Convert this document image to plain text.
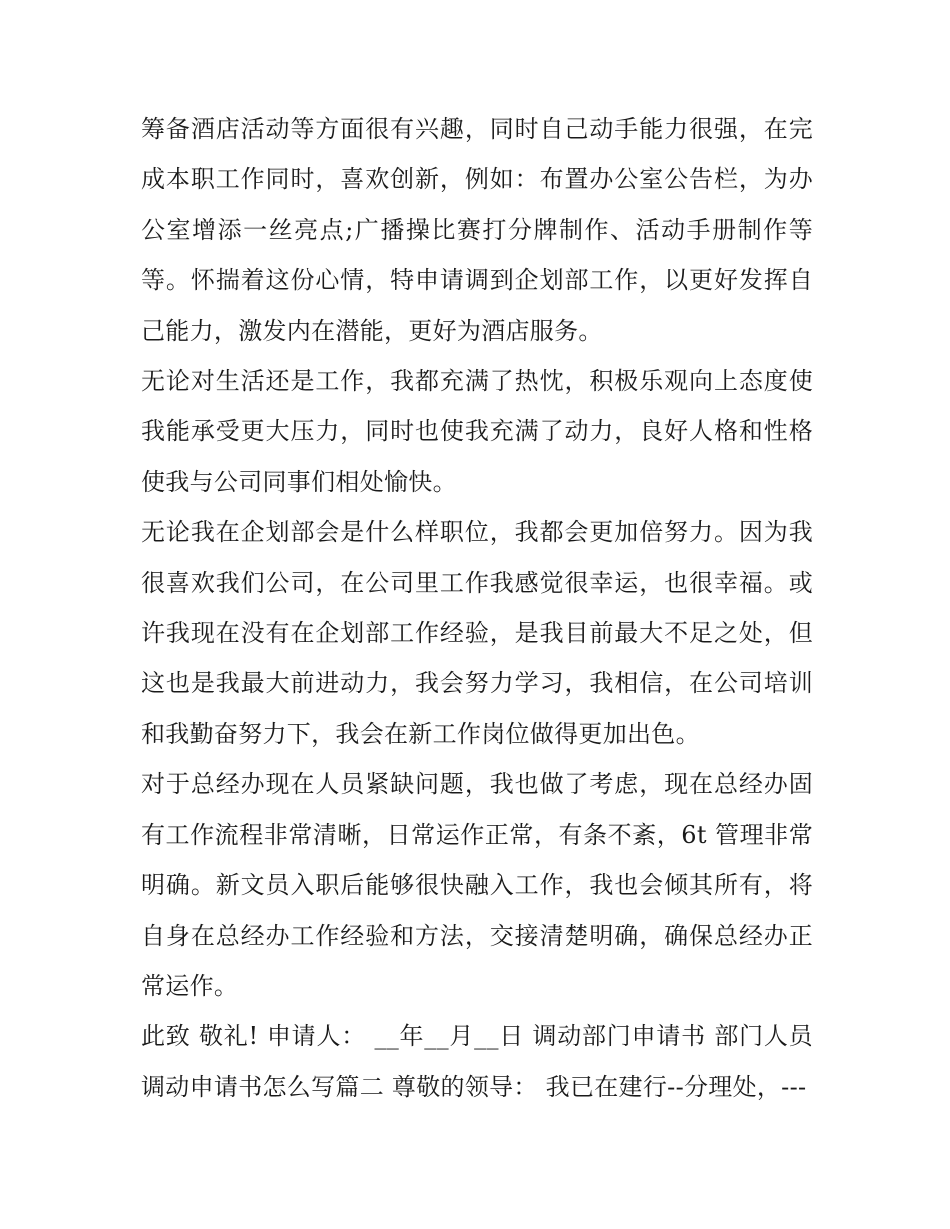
筹备酒店活动等方面很有兴趣，同时自己动手能力很强，在完成本职工作同时，喜欢创新，例如：布置办公室公告栏，为办公室增添一丝亮点;广播操比赛打分牌制作、活动手册制作等等。怀揣着这份心情，特申请调到企划部工作，以更好发挥自己能力，激发内在潜能，更好为酒店服务。

无论对生活还是工作，我都充满了热忱，积极乐观向上态度使我能承受更大压力，同时也使我充满了动力，良好人格和性格使我与公司同事们相处愉快。

无论我在企划部会是什么样职位，我都会更加倍努力。因为我很喜欢我们公司，在公司里工作我感觉很幸运，也很幸福。或许我现在没有在企划部工作经验，是我目前最大不足之处，但这也是我最大前进动力，我会努力学习，我相信，在公司培训和我勤奋努力下，我会在新工作岗位做得更加出色。

对于总经办现在人员紧缺问题，我也做了考虑，现在总经办固有工作流程非常清晰，日常运作正常，有条不紊，6t 管理非常明确。新文员入职后能够很快融入工作，我也会倾其所有，将自身在总经办工作经验和方法，交接清楚明确，确保总经办正常运作。

此致 敬礼! 申请人： __年__月__日 调动部门申请书 部门人员调动申请书怎么写篇二 尊敬的领导： 我已在建行--分理处，---
